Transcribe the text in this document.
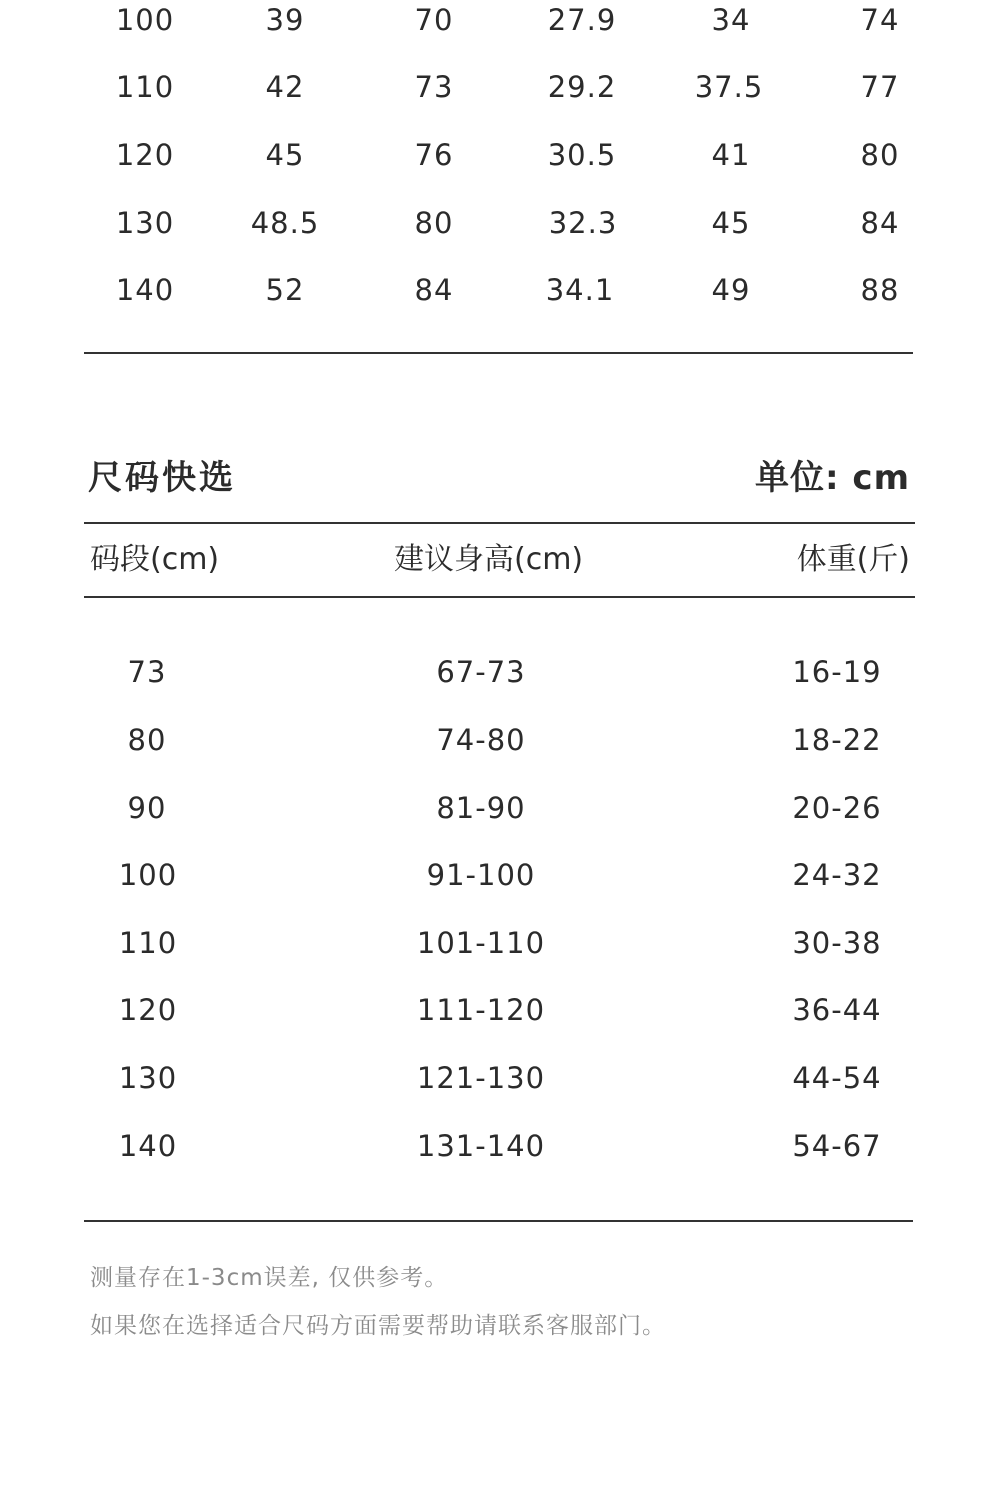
100	39	70	27.9	34	74
110	42	73	29.2	37.5	77
120	45	76	30.5	41	80
130	48.5	80	32.3	45	84
140	52	84	34.1	49	88
尺码快选	单位: cm
码段(cm)	建议身高(cm)	体重(斤)
73	67-73	16-19
80	74-80	18-22
90	81-90	20-26
100	91-100	24-32
110	101-110	30-38
120	111-120	36-44
130	121-130	44-54
140	131-140	54-67
测量存在1-3cm误差, 仅供参考。
如果您在选择适合尺码方面需要帮助请联系客服部门。
